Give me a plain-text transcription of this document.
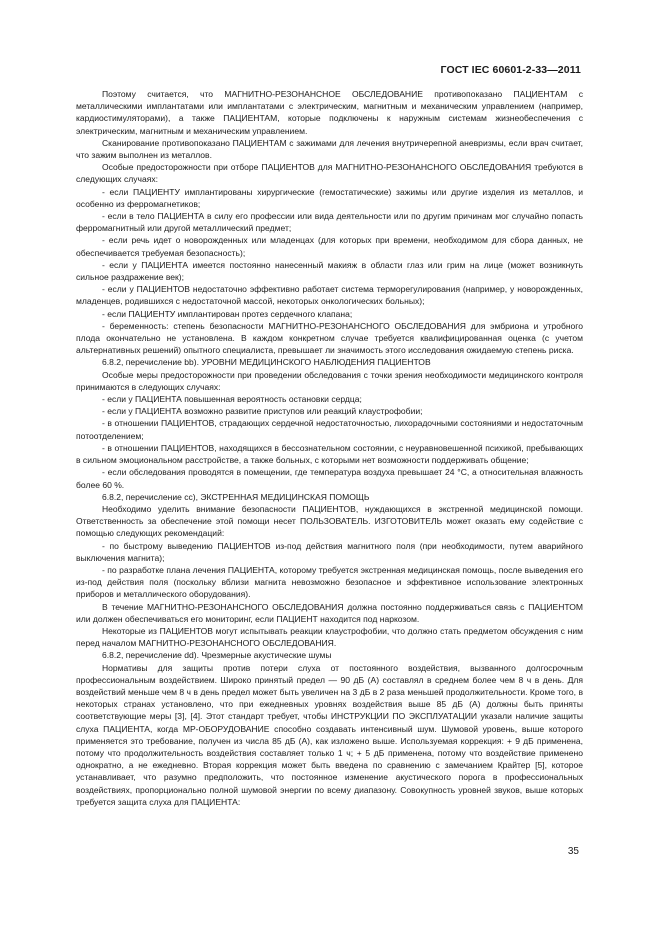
ГОСТ IEC 60601-2-33—2011

Поэтому считается, что МАГНИТНО-РЕЗОНАНСНОЕ ОБСЛЕДОВАНИЕ противопоказано ПАЦИЕНТАМ с металлическими имплантатами или имплантатами с электрическим, магнитным и механическим управлением (например, кардиостимуляторами), а также ПАЦИЕНТАМ, которые подключены к наружным системам жизнеобеспечения с электрическим, магнитным и механическим управлением.

Сканирование противопоказано ПАЦИЕНТАМ с зажимами для лечения внутричерепной аневризмы, если врач считает, что зажим выполнен из металлов.

Особые предосторожности при отборе ПАЦИЕНТОВ для МАГНИТНО-РЕЗОНАНСНОГО ОБСЛЕДОВАНИЯ требуются в следующих случаях:

- если ПАЦИЕНТУ имплантированы хирургические (гемостатические) зажимы или другие изделия из металлов, и особенно из ферромагнетиков;

- если в тело ПАЦИЕНТА в силу его профессии или вида деятельности или по другим причинам мог случайно попасть ферромагнитный или другой металлический предмет;

- если речь идет о новорожденных или младенцах (для которых при времени, необходимом для сбора данных, не обеспечивается требуемая безопасность);

- если у ПАЦИЕНТА имеется постоянно нанесенный макияж в области глаз или грим на лице (может возникнуть сильное раздражение век);

- если у ПАЦИЕНТОВ недостаточно эффективно работает система терморегулирования (например, у новорожденных, младенцев, родившихся с недостаточной массой, некоторых онкологических больных);

- если ПАЦИЕНТУ имплантирован протез сердечного клапана;

- беременность: степень безопасности МАГНИТНО-РЕЗОНАНСНОГО ОБСЛЕДОВАНИЯ для эмбриона и утробного плода окончательно не установлена. В каждом конкретном случае требуется квалифицированная оценка (с учетом альтернативных решений) опытного специалиста, превышает ли значимость этого исследования ожидаемую степень риска.

6.8.2, перечисление bb). УРОВНИ МЕДИЦИНСКОГО НАБЛЮДЕНИЯ ПАЦИЕНТОВ

Особые меры предосторожности при проведении обследования с точки зрения необходимости медицинского контроля принимаются в следующих случаях:

- если у ПАЦИЕНТА повышенная вероятность остановки сердца;

- если у ПАЦИЕНТА возможно развитие приступов или реакций клаустрофобии;

- в отношении ПАЦИЕНТОВ, страдающих сердечной недостаточностью, лихорадочными состояниями и недостаточным потоотделением;

- в отношении ПАЦИЕНТОВ, находящихся в бессознательном состоянии, с неуравновешенной психикой, пребывающих в сильном эмоциональном расстройстве, а также больных, с которыми нет возможности поддерживать общение;

- если обследования проводятся в помещении, где температура воздуха превышает 24 °С, а относительная влажность более 60 %.

6.8.2, перечисление cc), ЭКСТРЕННАЯ МЕДИЦИНСКАЯ ПОМОЩЬ

Необходимо уделить внимание безопасности ПАЦИЕНТОВ, нуждающихся в экстренной медицинской помощи. Ответственность за обеспечение этой помощи несет ПОЛЬЗОВАТЕЛЬ. ИЗГОТОВИТЕЛЬ может оказать ему содействие с помощью следующих рекомендаций:

- по быстрому выведению ПАЦИЕНТОВ из-под действия магнитного поля (при необходимости, путем аварийного выключения магнита);

- по разработке плана лечения ПАЦИЕНТА, которому требуется экстренная медицинская помощь, после выведения его из-под действия поля (поскольку вблизи магнита невозможно безопасное и эффективное использование электронных приборов и металлического оборудования).

В течение МАГНИТНО-РЕЗОНАНСНОГО ОБСЛЕДОВАНИЯ должна постоянно поддерживаться связь с ПАЦИЕНТОМ или должен обеспечиваться его мониторинг, если ПАЦИЕНТ находится под наркозом.

Некоторые из ПАЦИЕНТОВ могут испытывать реакции клаустрофобии, что должно стать предметом обсуждения с ним перед началом МАГНИТНО-РЕЗОНАНСНОГО ОБСЛЕДОВАНИЯ.

6.8.2, перечисление dd). Чрезмерные акустические шумы

Нормативы для защиты против потери слуха от постоянного воздействия, вызванного долгосрочным профессиональным воздействием. Широко принятый предел — 90 дБ (A) составлял в среднем более чем 8 ч в день. Для воздействий меньше чем 8 ч в день предел может быть увеличен на 3 дБ в 2 раза меньшей продолжительности. Кроме того, в некоторых странах установлено, что при ежедневных уровнях воздействия выше 85 дБ (A) должны быть приняты соответствующие меры [3], [4]. Этот стандарт требует, чтобы ИНСТРУКЦИИ ПО ЭКСПЛУАТАЦИИ указали наличие защиты слуха ПАЦИЕНТА, когда МР-ОБОРУДОВАНИЕ способно создавать интенсивный шум. Шумовой уровень, выше которого применяется это требование, получен из числа 85 дБ (A), как изложено выше. Используемая коррекция: + 9 дБ применена, потому что продолжительность воздействия составляет только 1 ч; + 5 дБ применена, потому что воздействие применено однократно, а не ежедневно. Вторая коррекция может быть введена по сравнению с замечанием Крайтер [5], которое устанавливает, что разумно предположить, что постоянное изменение акустического порога в профессиональных воздействиях, пропорционально полной шумовой энергии по всему диапазону. Совокупность уровней звуков, выше которых требуется защита слуха для ПАЦИЕНТА:

35
